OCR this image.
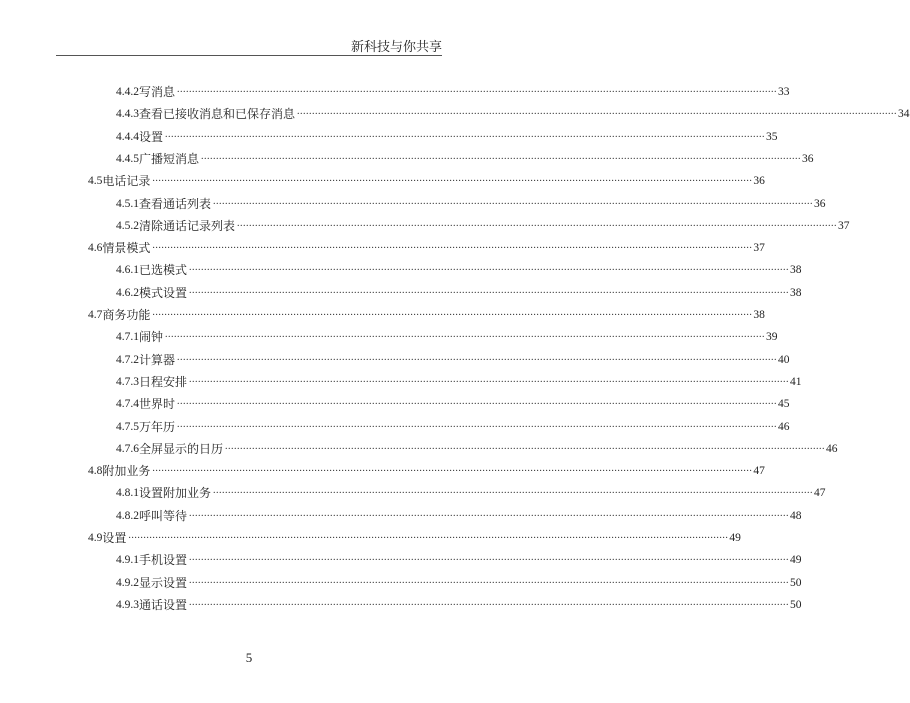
新科技与你共享
4.4.2 写消息 ........................................................................................................................................................................................................ 33
4.4.3 查看已接收消息和已保存消息 ........................................................................................................................................................................................................ 34
4.4.4 设置 ........................................................................................................................................................................................................ 35
4.4.5 广播短消息 ........................................................................................................................................................................................................ 36
4.5 电话记录 ........................................................................................................................................................................................................ 36
4.5.1 查看通话列表 ........................................................................................................................................................................................................ 36
4.5.2 清除通话记录列表 ........................................................................................................................................................................................................ 37
4.6 情景模式 ........................................................................................................................................................................................................ 37
4.6.1 已选模式 ........................................................................................................................................................................................................ 38
4.6.2 模式设置 ........................................................................................................................................................................................................ 38
4.7 商务功能 ........................................................................................................................................................................................................ 38
4.7.1 闹钟 ........................................................................................................................................................................................................ 39
4.7.2 计算器 ........................................................................................................................................................................................................ 40
4.7.3 日程安排 ........................................................................................................................................................................................................ 41
4.7.4 世界时 ........................................................................................................................................................................................................ 45
4.7.5 万年历 ........................................................................................................................................................................................................ 46
4.7.6 全屏显示的日历 ........................................................................................................................................................................................................ 46
4.8 附加业务 ........................................................................................................................................................................................................ 47
4.8.1 设置附加业务 ........................................................................................................................................................................................................ 47
4.8.2 呼叫等待 ........................................................................................................................................................................................................ 48
4.9 设置 ........................................................................................................................................................................................................ 49
4.9.1 手机设置 ........................................................................................................................................................................................................ 49
4.9.2 显示设置 ........................................................................................................................................................................................................ 50
4.9.3 通话设置 ........................................................................................................................................................................................................ 50
5
